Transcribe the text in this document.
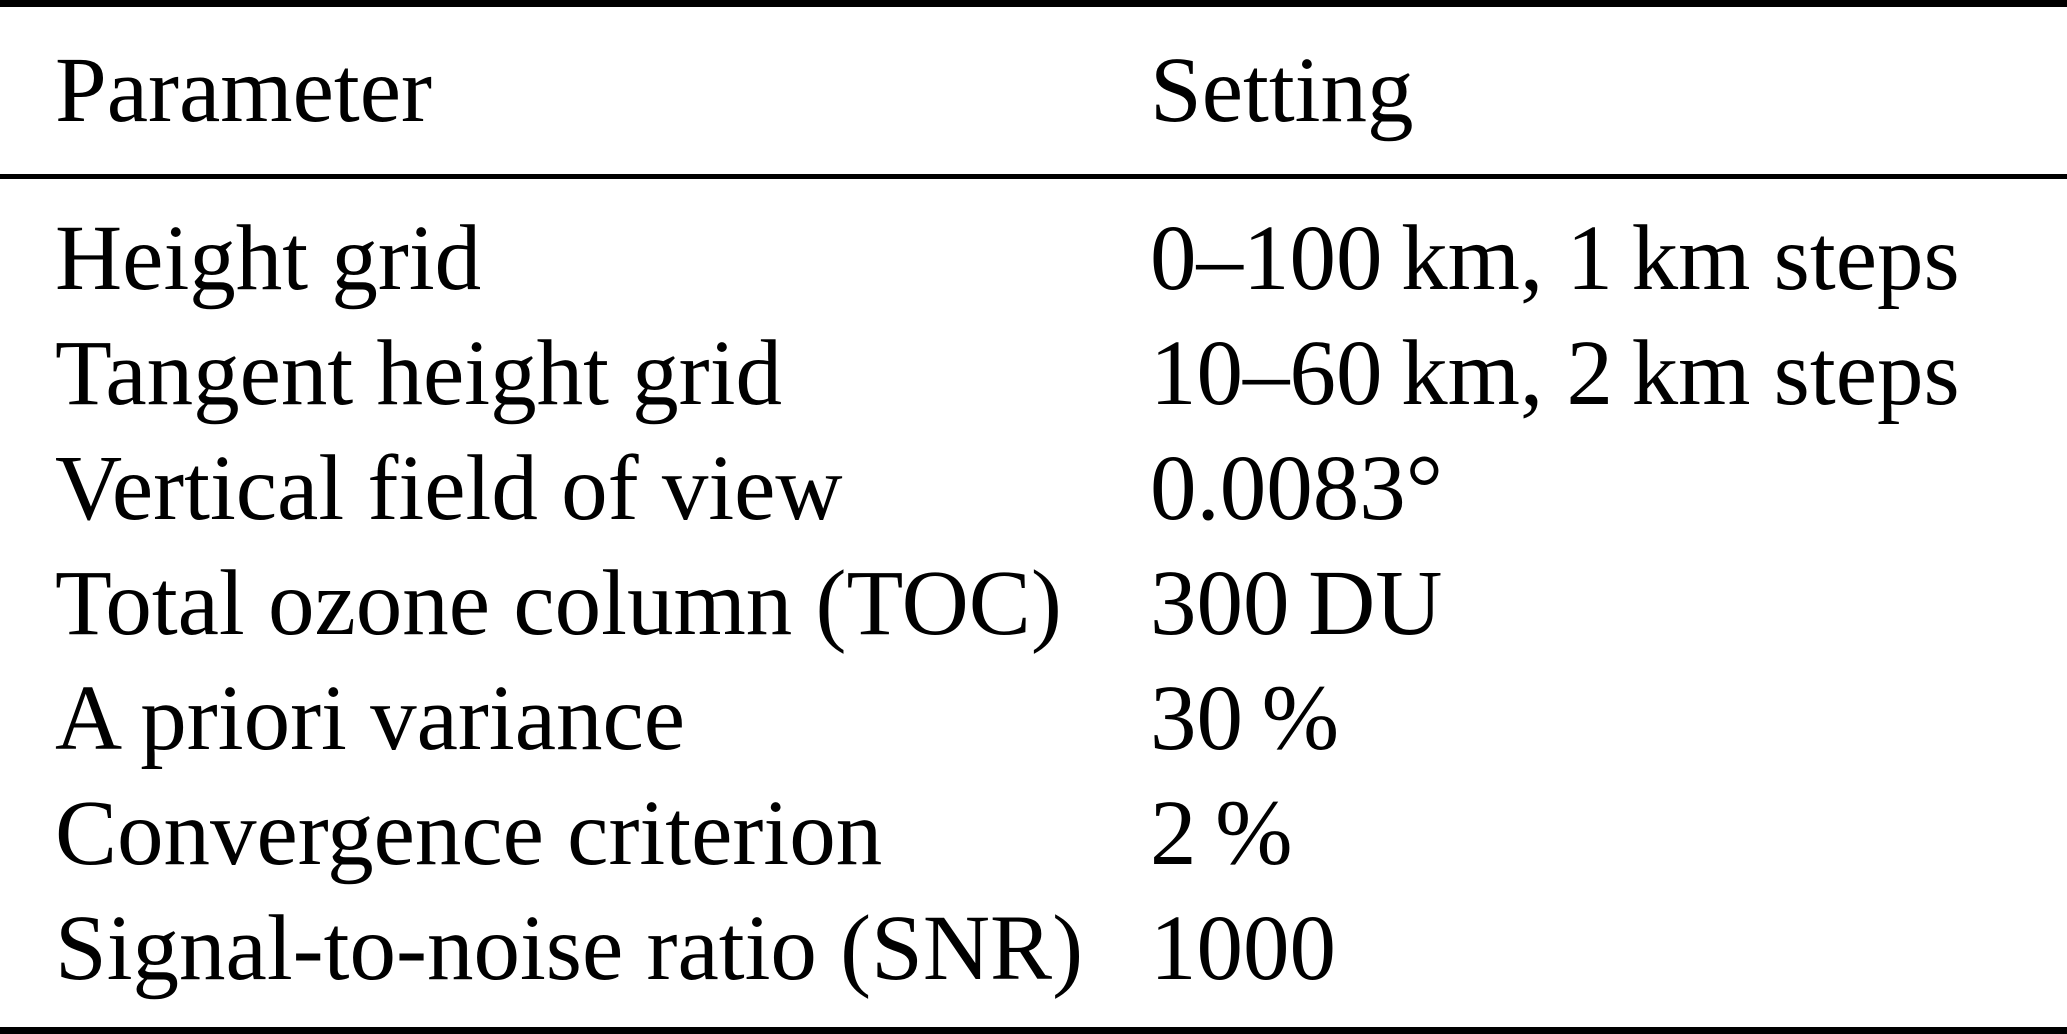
Parameter	Setting
Height grid	0–100 km, 1 km steps
Tangent height grid	10–60 km, 2 km steps
Vertical field of view	0.0083°
Total ozone column (TOC) 300 DU
A priori variance	30 %
Convergence criterion	2 %
Signal-to-noise ratio (SNR) 1000
